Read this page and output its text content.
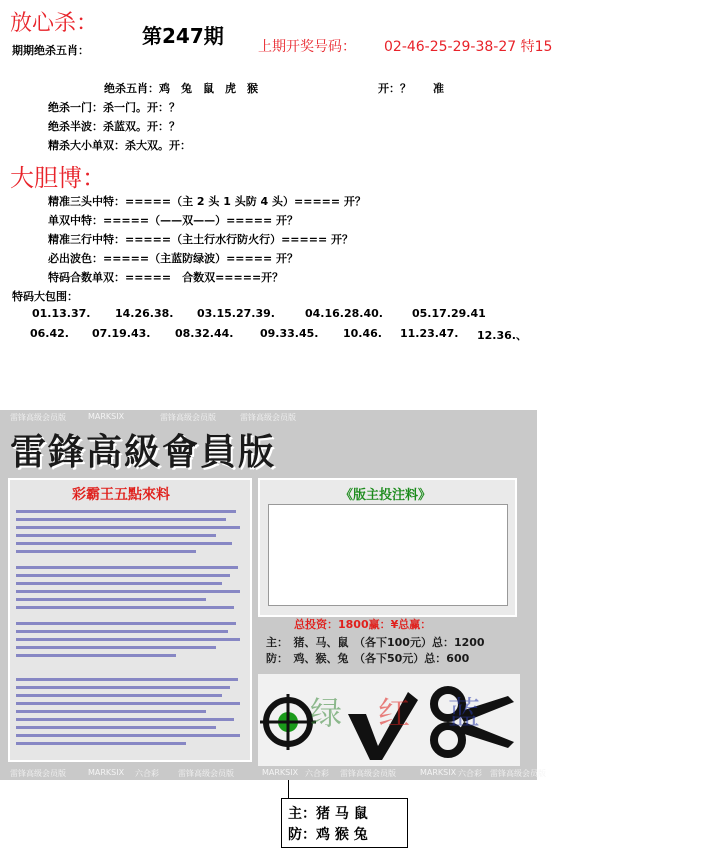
放心杀： 第247期 上期开奖号码： 02-46-25-29-38-27 特15
期期绝杀五肖：
绝杀五肖：鸡　兔　鼠　虎　猴	开：？　　准
绝杀一门：杀一门。开：？
绝杀半波：杀蓝双。开：？
精杀大小单双：杀大双。开：
大胆博：
精准三头中特：=====（主 2 头 1 头防 4 头）===== 开？
单双中特：=====（——双——）===== 开？
精准三行中特：=====（主土行水行防火行）===== 开？
必出波色：=====（主蓝防绿波）===== 开？
特码合数单双：=====　合数双=====开？
特码大包围：
01.13.37. 14.26.38. 03.15.27.39.	04.16.28.40.	05.17.29.41
06.42. 07.19.43. 08.32.44. 09.33.45. 10.46. 11.23.47. 12.36.、
雷锋高级会员版	MARKSIX	雷锋高级会员版	雷锋高级会员版
雷锋高级会员版	MARKSIX 六合彩 雷锋高级会员版	MARKSIX 六合彩 雷锋高级会员版	MARKSIX 六合彩 雷锋高级会员版
雷鋒高級會員版
彩霸王五點來料	《版主投注料》
总投资：1800赢：¥总赢：
主：　猪、马、鼠　（各下100元）总：1200
防：　鸡、猴、兔　（各下50元）总：600
绿 红 蓝
主：猪 马 鼠
防：鸡 猴 兔
